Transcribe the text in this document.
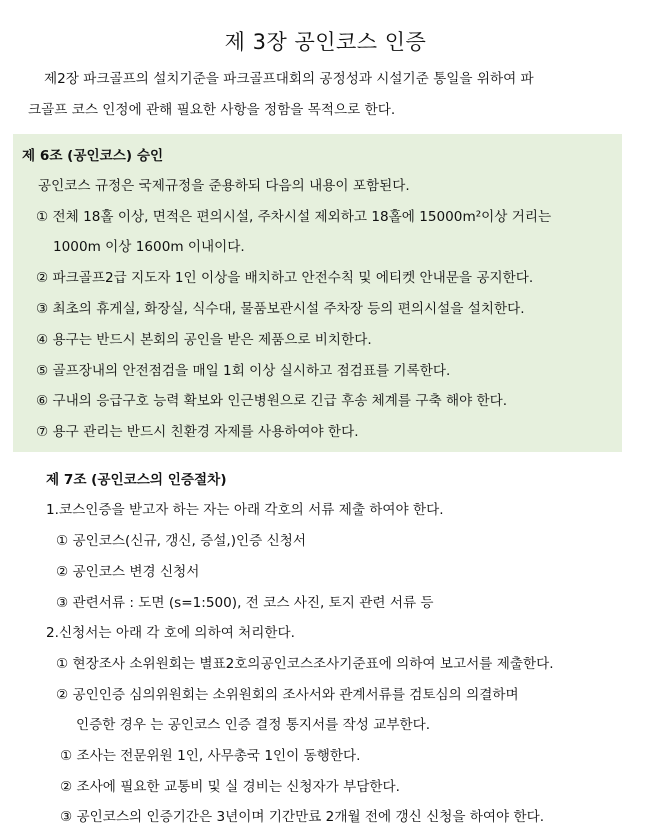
제 3장 공인코스 인증
제2장 파크골프의 설치기준을 파크골프대회의 공정성과 시설기준 통일을 위하여 파
크골프 코스 인정에 관해 필요한 사항을 정함을 목적으로 한다.
제 6조 (공인코스) 승인
공인코스 규정은 국제규정을 준용하되 다음의 내용이 포함된다.
① 전체 18홀 이상, 면적은 편의시설, 주차시설 제외하고 18홀에 15000m²이상 거리는
1000m 이상 1600m 이내이다.
② 파크골프2급 지도자 1인 이상을 배치하고 안전수칙 및 에티켓 안내문을 공지한다.
③ 최초의 휴게실, 화장실, 식수대, 물품보관시설 주차장 등의 편의시설을 설치한다.
④ 용구는 반드시 본회의 공인을 받은 제품으로 비치한다.
⑤ 골프장내의 안전점검을 매일 1회 이상 실시하고 점검표를 기록한다.
⑥ 구내의 응급구호 능력 확보와 인근병원으로 긴급 후송 체계를 구축 해야 한다.
⑦ 용구 관리는 반드시 친환경 자제를 사용하여야 한다.
제 7조 (공인코스의 인증절차)
1.코스인증을 받고자 하는 자는 아래 각호의 서류 제출 하여야 한다.
① 공인코스(신규, 갱신, 증설,)인증 신청서
② 공인코스 변경 신청서
③ 관련서류 : 도면 (s=1:500), 전 코스 사진, 토지 관련 서류 등
2.신청서는 아래 각 호에 의하여 처리한다.
① 현장조사 소위원회는 별표2호의공인코스조사기준표에 의하여 보고서를 제출한다.
② 공인인증 심의위원회는 소위원회의 조사서와 관계서류를 검토심의 의결하며
인증한 경우 는 공인코스 인증 결정 통지서를 작성 교부한다.
① 조사는 전문위원 1인, 사무총국 1인이 동행한다.
② 조사에 필요한 교통비 및 실 경비는 신청자가 부담한다.
③ 공인코스의 인증기간은 3년이며 기간만료 2개월 전에 갱신 신청을 하여야 한다.
